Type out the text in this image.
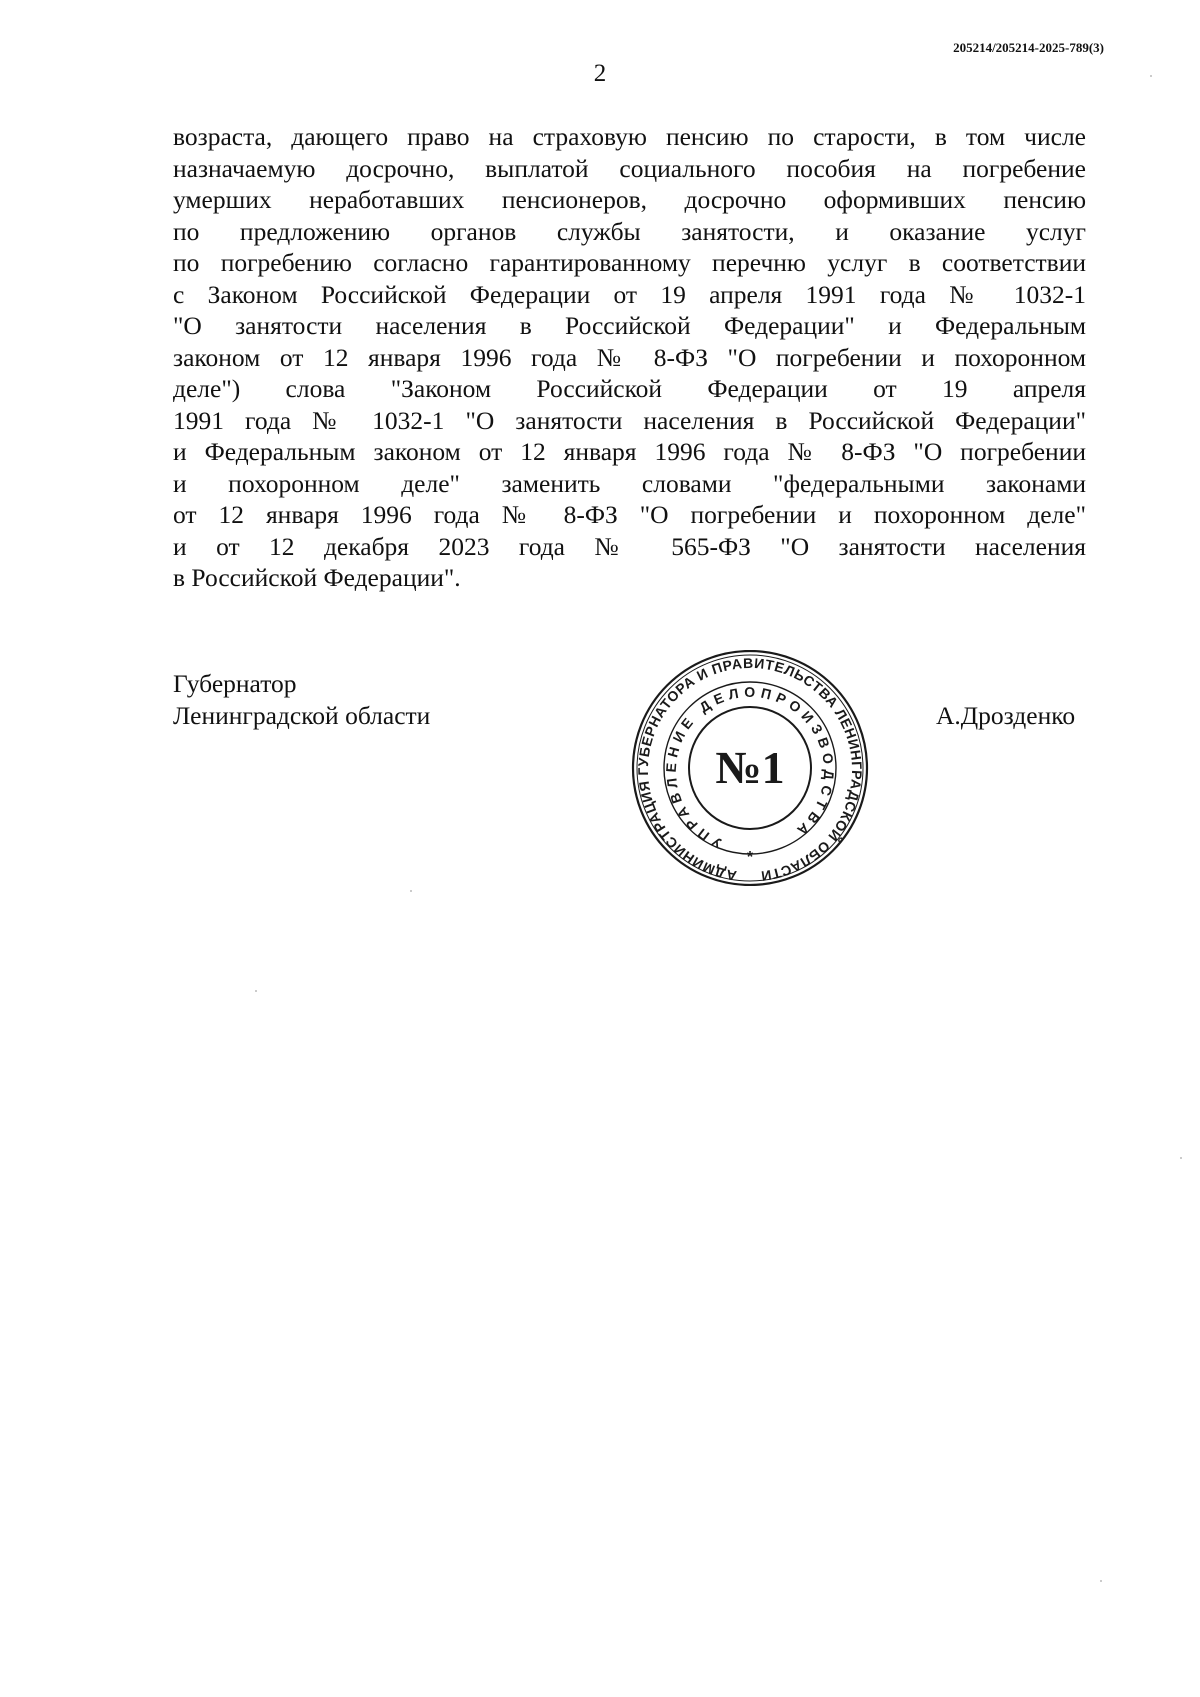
205214/205214-2025-789(3)
2
возраста, дающего право на страховую пенсию по старости, в том числе
назначаемую досрочно, выплатой социального пособия на погребение
умерших неработавших пенсионеров, досрочно оформивших пенсию
по предложению органов службы занятости, и оказание услуг
по погребению согласно гарантированному перечню услуг в соответствии
с Законом Российской Федерации от 19 апреля 1991 года № 1032-1
"О занятости населения в Российской Федерации" и Федеральным
законом от 12 января 1996 года № 8-ФЗ "О погребении и похоронном
деле") слова "Законом Российской Федерации от 19 апреля
1991 года № 1032-1 "О занятости населения в Российской Федерации"
и Федеральным законом от 12 января 1996 года № 8-ФЗ "О погребении
и похоронном деле" заменить словами "федеральными законами
от 12 января 1996 года № 8-ФЗ "О погребении и похоронном деле"
и от 12 декабря 2023 года № 565-ФЗ "О занятости населения
в Российской Федерации".
Губернатор
Ленинградской области	А.Дрозденко
АДМИНИСТРАЦИЯ ГУБЕРНАТОРА И ПРАВИТЕЛЬСТВА ЛЕНИНГРАДСКОЙ ОБЛАСТИ
УПРАВЛЕНИЕ ДЕЛОПРОИЗВОДСТВА
№1
*
